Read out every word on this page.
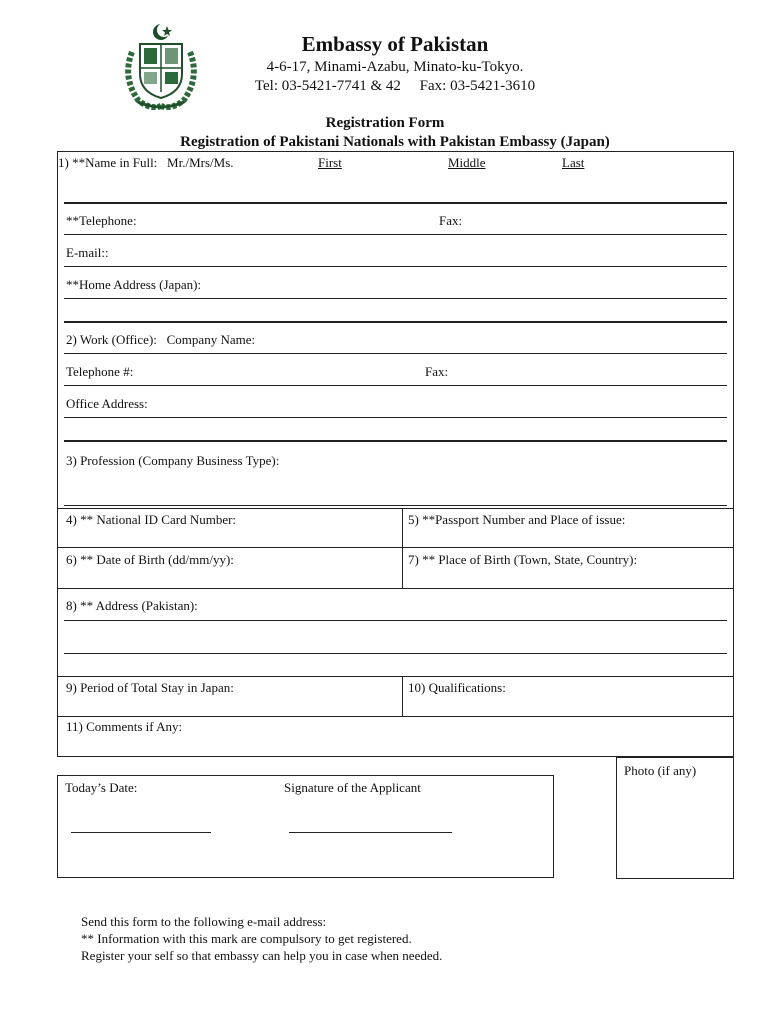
Embassy of Pakistan
4-6-17, Minami-Azabu, Minato-ku-Tokyo.
Tel: 03-5421-7741 & 42     Fax: 03-5421-3610
Registration Form
Registration of Pakistani Nationals with Pakistan Embassy (Japan)
1) **Name in Full:   Mr./Mrs/Ms.	First	Middle	Last
**Telephone:	Fax:
E-mail::
**Home Address (Japan):
2) Work (Office):   Company Name:
Telephone #:	Fax:
Office Address:
3) Profession (Company Business Type):
4) ** National ID Card Number:	5) **Passport Number and Place of issue:
6) ** Date of Birth (dd/mm/yy):	7) ** Place of Birth (Town, State, Country):
8) ** Address (Pakistan):
9) Period of Total Stay in Japan:	10) Qualifications:
11) Comments if Any:
Today’s Date:	Signature of the Applicant
Photo (if any)
Send this form to the following e-mail address:
** Information with this mark are compulsory to get registered.
Register your self so that embassy can help you in case when needed.
